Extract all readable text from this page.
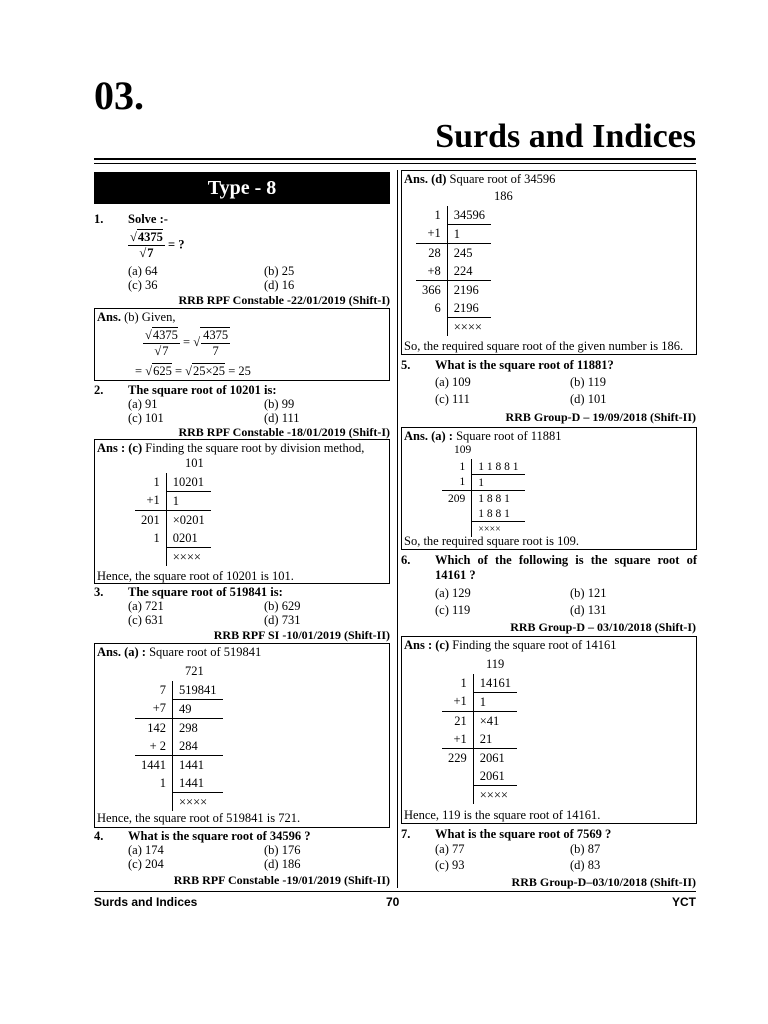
03.
Surds and Indices
Type - 8
1. Solve :-
$\frac{√4375}{√7}$ = ?
(a) 64	(b) 25
(c) 36	(d) 16
RRB RPF Constable -22/01/2019 (Shift-I)
Ans. (b) Given,
$\frac{√4375}{√7}$ = √ $\frac{4375}{7}$
= √625 = √25×25 = 25
2. The square root of 10201 is:
(a) 91	(b) 99
(c) 101	(d) 111
RRB RPF Constable -18/01/2019 (Shift-I)
Ans : (c) Finding the square root by division method,
101
1	10201
+1	1
201	×0201
1	0201
	××××
Hence, the square root of 10201 is 101.
3. The square root of 519841 is:
(a) 721	(b) 629
(c) 631	(d) 731
RRB RPF SI -10/01/2019 (Shift-II)
Ans. (a) : Square root of 519841
721
7	519841
+7	49
142	298
+ 2	284
1441	1441
1	1441
	××××
Hence, the square root of 519841 is 721.
4. What is the square root of 34596 ?
(a) 174	(b) 176
(c) 204	(d) 186
RRB RPF Constable -19/01/2019 (Shift-II)
Ans. (d) Square root of 34596
186
1	34596
+1	1
28	245
+8	224
366	2196
6	2196
	××××
So, the required square root of the given number is 186.
5. What is the square root of 11881?
(a) 109	(b) 119
(c) 111	(d) 101
RRB Group-D – 19/09/2018 (Shift-II)
Ans. (a) : Square root of 11881
109
1	1 1 8 8 1
1	1
209	1 8 8 1
	1 8 8 1
	××××
So, the required square root is 109.
6. Which of the following is the square root of
14161 ?
(a) 129	(b) 121
(c) 119	(d) 131
RRB Group-D – 03/10/2018 (Shift-I)
Ans : (c) Finding the square root of 14161
119
1	14161
+1	1
21	×41
+1	21
229	2061
	2061
	××××
Hence, 119 is the square root of 14161.
7. What is the square root of 7569 ?
(a) 77	(b) 87
(c) 93	(d) 83
RRB Group-D–03/10/2018 (Shift-II)
Surds and Indices	70	YCT
